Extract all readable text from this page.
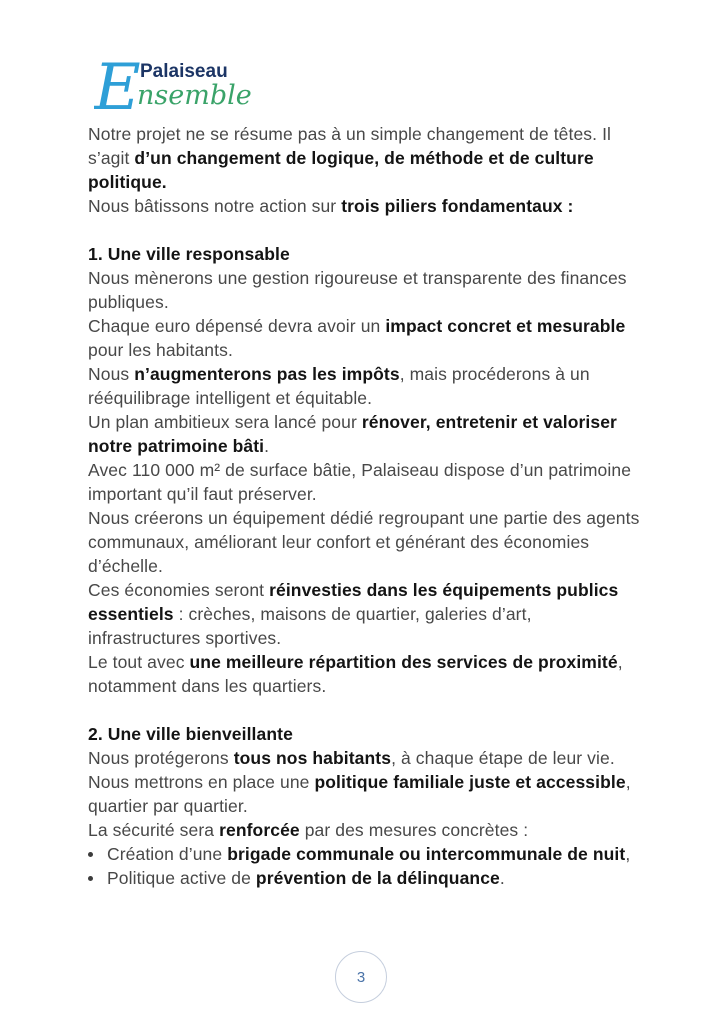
E Palaiseau
nsemble

Notre projet ne se résume pas à un simple changement de têtes. Il s’agit d’un changement de logique, de méthode et de culture politique.

Nous bâtissons notre action sur trois piliers fondamentaux :

1. Une ville responsable

Nous mènerons une gestion rigoureuse et transparente des finances publiques.

Chaque euro dépensé devra avoir un impact concret et mesurable pour les habitants.

Nous n’augmenterons pas les impôts, mais procéderons à un rééquilibrage intelligent et équitable.

Un plan ambitieux sera lancé pour rénover, entretenir et valoriser notre patrimoine bâti.

Avec 110 000 m² de surface bâtie, Palaiseau dispose d’un patrimoine important qu’il faut préserver.

Nous créerons un équipement dédié regroupant une partie des agents communaux, améliorant leur confort et générant des économies d’échelle.

Ces économies seront réinvesties dans les équipements publics essentiels : crèches, maisons de quartier, galeries d’art, infrastructures sportives.

Le tout avec une meilleure répartition des services de proximité, notamment dans les quartiers.

2. Une ville bienveillante

Nous protégerons tous nos habitants, à chaque étape de leur vie.

Nous mettrons en place une politique familiale juste et accessible, quartier par quartier.

La sécurité sera renforcée par des mesures concrètes :

Création d’une brigade communale ou intercommunale de nuit,

Politique active de prévention de la délinquance.

3
